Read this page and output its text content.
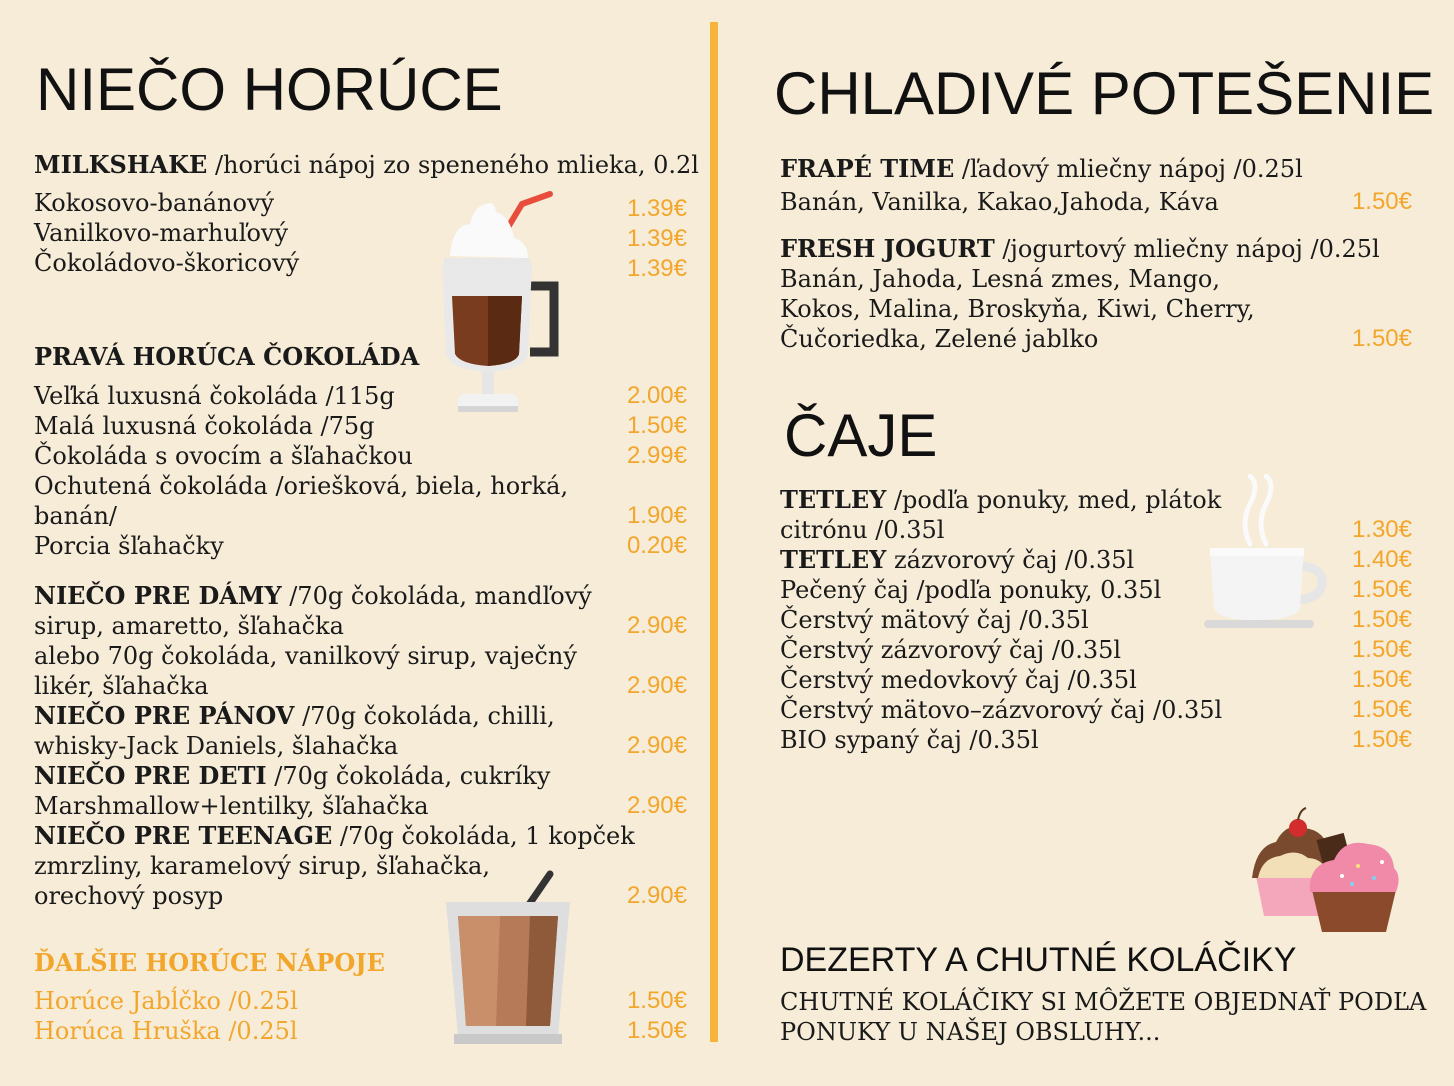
NIEČO HORÚCE
MILKSHAKE /horúci nápoj zo speneného mlieka, 0.2l
Kokosovo-banánový	1.39€
Vanilkovo-marhuľový	1.39€
Čokoládovo-škoricový	1.39€
PRAVÁ HORÚCA ČOKOLÁDA
Veľká luxusná čokoláda /115g	2.00€
Malá luxusná čokoláda /75g	1.50€
Čokoláda s ovocím a šľahačkou	2.99€
Ochutená čokoláda /oriešková, biela, horká,
banán/	1.90€
Porcia šľahačky	0.20€
NIEČO PRE DÁMY /70g čokoláda, mandľový
sirup, amaretto, šľahačka	2.90€
alebo 70g čokoláda, vanilkový sirup, vaječný
likér, šľahačka	2.90€
NIEČO PRE PÁNOV /70g čokoláda, chilli,
whisky-Jack Daniels, šlahačka	2.90€
NIEČO PRE DETI /70g čokoláda, cukríky
Marshmallow+lentilky, šľahačka	2.90€
NIEČO PRE TEENAGE /70g čokoláda, 1 kopček
zmrzliny, karamelový sirup, šľahačka,
orechový posyp	2.90€
ĎALŠIE HORÚCE NÁPOJE
Horúce Jabĺčko /0.25l	1.50€
Horúca Hruška /0.25l	1.50€
CHLADIVÉ POTEŠENIE
FRAPÉ TIME /ľadový mliečny nápoj /0.25l
Banán, Vanilka, Kakao,Jahoda, Káva	1.50€
FRESH JOGURT /jogurtový mliečny nápoj /0.25l
Banán, Jahoda, Lesná zmes, Mango,
Kokos, Malina, Broskyňa, Kiwi, Cherry,
Čučoriedka, Zelené jablko	1.50€
ČAJE
TETLEY /podľa ponuky, med, plátok
citrónu /0.35l	1.30€
TETLEY zázvorový čaj /0.35l	1.40€
Pečený čaj /podľa ponuky, 0.35l	1.50€
Čerstvý mätový čaj /0.35l	1.50€
Čerstvý zázvorový čaj /0.35l	1.50€
Čerstvý medovkový čaj /0.35l	1.50€
Čerstvý mätovo–zázvorový čaj /0.35l	1.50€
BIO sypaný čaj /0.35l	1.50€
DEZERTY A CHUTNÉ KOLÁČIKY
CHUTNÉ KOLÁČIKY SI MÔŽETE OBJEDNAŤ PODĽA
PONUKY U NAŠEJ OBSLUHY...
